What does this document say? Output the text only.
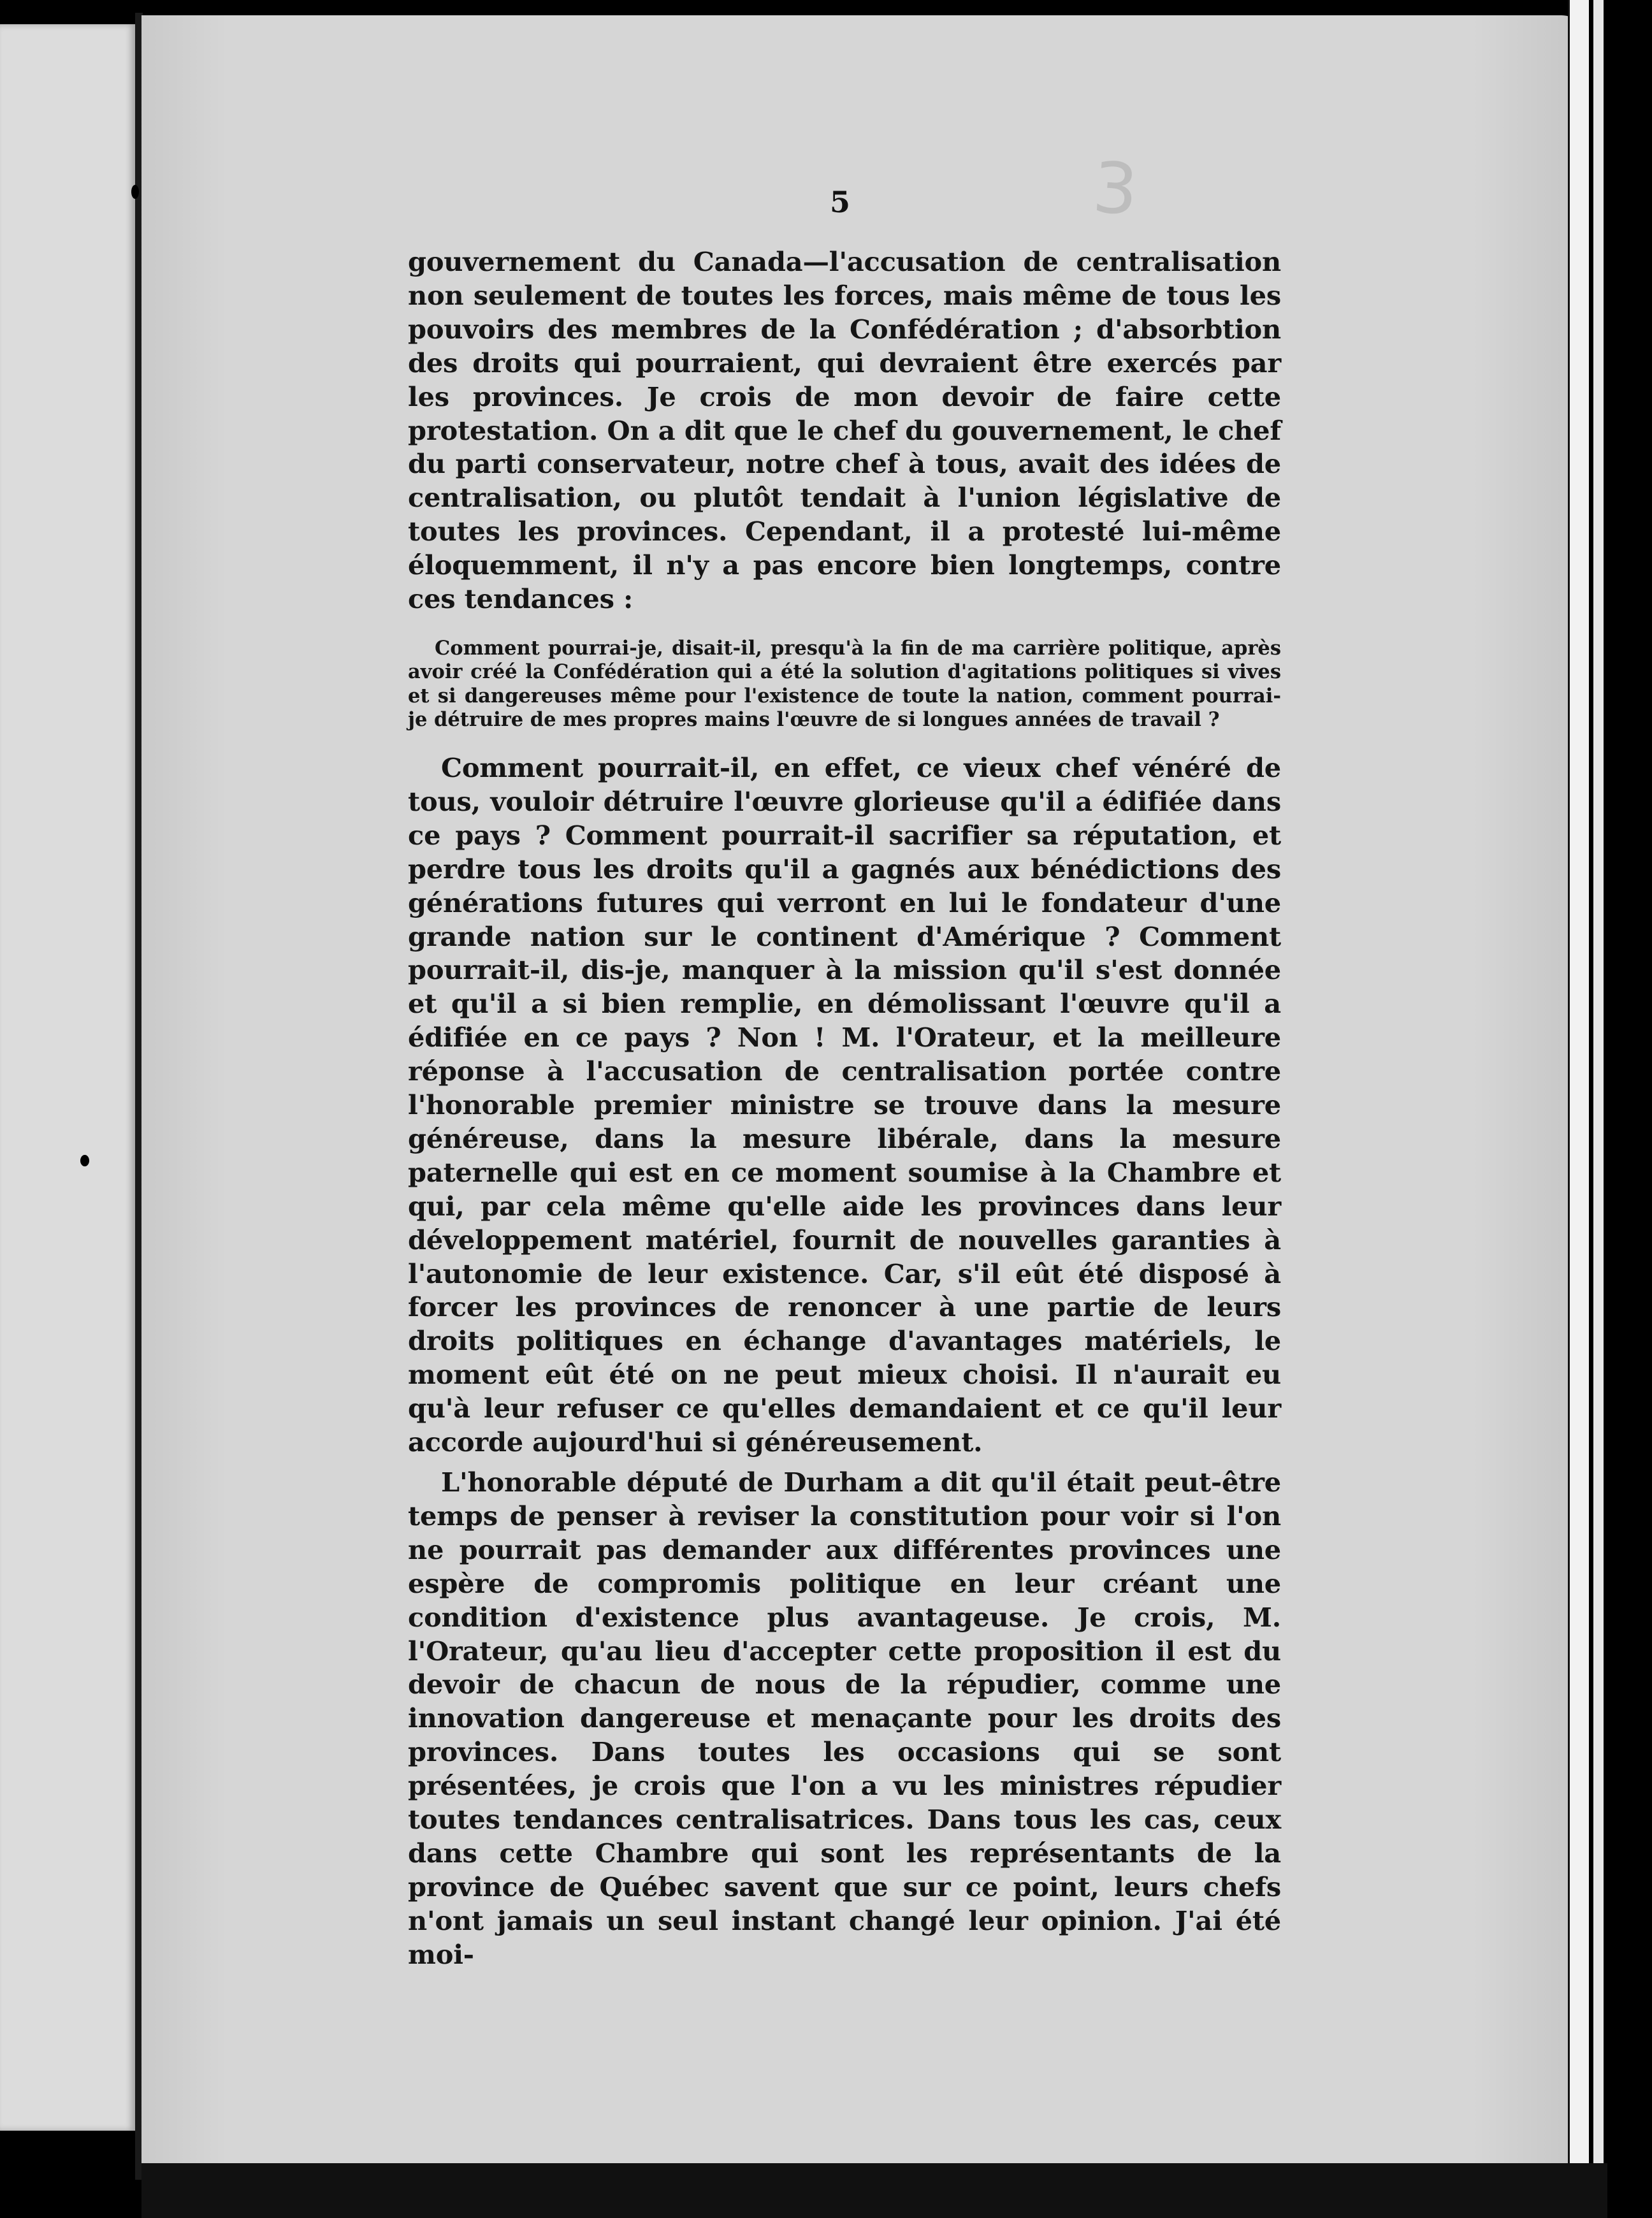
5	3

gouvernement du Canada—l'accusation de centralisation non seulement de toutes les forces, mais même de tous les pouvoirs des membres de la Confédération ; d'absorbtion des droits qui pourraient, qui devraient être exercés par les provinces. Je crois de mon devoir de faire cette protestation. On a dit que le chef du gouvernement, le chef du parti conservateur, notre chef à tous, avait des idées de centralisation, ou plutôt tendait à l'union législative de toutes les provinces. Cependant, il a protesté lui-même éloquemment, il n'y a pas encore bien longtemps, contre ces tendances :

Comment pourrai-je, disait-il, presqu'à la fin de ma carrière politique, après avoir créé la Confédération qui a été la solution d'agitations politiques si vives et si dangereuses même pour l'existence de toute la nation, comment pourrai-je détruire de mes propres mains l'œuvre de si longues années de travail ?

Comment pourrait-il, en effet, ce vieux chef vénéré de tous, vouloir détruire l'œuvre glorieuse qu'il a édifiée dans ce pays ? Comment pourrait-il sacrifier sa réputation, et perdre tous les droits qu'il a gagnés aux bénédictions des générations futures qui verront en lui le fondateur d'une grande nation sur le continent d'Amérique ? Comment pourrait-il, dis-je, manquer à la mission qu'il s'est donnée et qu'il a si bien remplie, en démolissant l'œuvre qu'il a édifiée en ce pays ? Non ! M. l'Orateur, et la meilleure réponse à l'accusation de centralisation portée contre l'honorable premier ministre se trouve dans la mesure généreuse, dans la mesure libérale, dans la mesure paternelle qui est en ce moment soumise à la Chambre et qui, par cela même qu'elle aide les provinces dans leur développement matériel, fournit de nouvelles garanties à l'autonomie de leur existence. Car, s'il eût été disposé à forcer les provinces de renoncer à une partie de leurs droits politiques en échange d'avantages matériels, le moment eût été on ne peut mieux choisi. Il n'aurait eu qu'à leur refuser ce qu'elles demandaient et ce qu'il leur accorde aujourd'hui si généreusement.

L'honorable député de Durham a dit qu'il était peut-être temps de penser à reviser la constitution pour voir si l'on ne pourrait pas demander aux différentes provinces une espère de compromis politique en leur créant une condition d'existence plus avantageuse. Je crois, M. l'Orateur, qu'au lieu d'accepter cette proposition il est du devoir de chacun de nous de la répudier, comme une innovation dangereuse et menaçante pour les droits des provinces. Dans toutes les occasions qui se sont présentées, je crois que l'on a vu les ministres répudier toutes tendances centralisatrices. Dans tous les cas, ceux dans cette Chambre qui sont les représentants de la province de Québec savent que sur ce point, leurs chefs n'ont jamais un seul instant changé leur opinion. J'ai été moi-
